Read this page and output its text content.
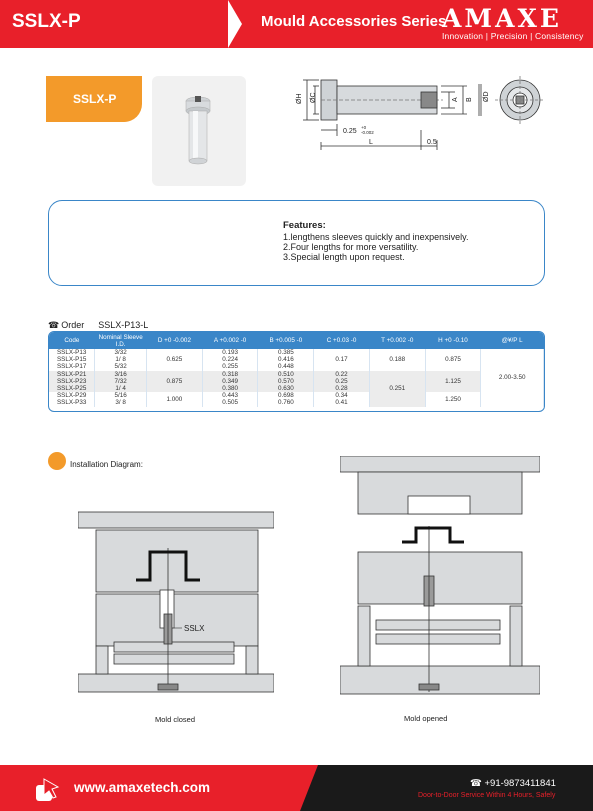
SSLX-P	Mould Accessories Series
AMAXE
Innovation | Precision | Consistency
SSLX-P	ØH ØC	A B ØD
0.25
+0
-0.002
L	0.5
Features:
1.lengthens sleeves quickly and inexpensively.
2.Four lengths for more versatility.
3.Special length upon request.
☎ Order SSLX-P13-L
Code	Nominal Sleeve I.D.	D +0 -0.002	A +0.002 -0	B +0.005 -0	C +0.03 -0	T +0.002 -0	H +0 -0.10	@¥/P L
SSLX-P13	3/32	0.625	0.193	0.385	0.17	0.188	0.875	2.00-3.50
SSLX-P15	1/ 8		0.224	0.416				
SSLX-P17	5/32		0.255	0.448				
SSLX-P21	3/16	0.875	0.318	0.510	0.22	0.251	1.125	
SSLX-P23	7/32		0.349	0.570	0.25			
SSLX-P25	1/ 4		0.380	0.630	0.28			
SSLX-P29	5/16	1.000	0.443	0.698	0.34		1.250	
SSLX-P33	3/ 8		0.505	0.760	0.41			
Installation Diagram:
SSLX
Mold closed	Mold opened
www.amaxetech.com	☎ +91-9873411841
Door-to-Door Service Within 4 Hours, Safely
